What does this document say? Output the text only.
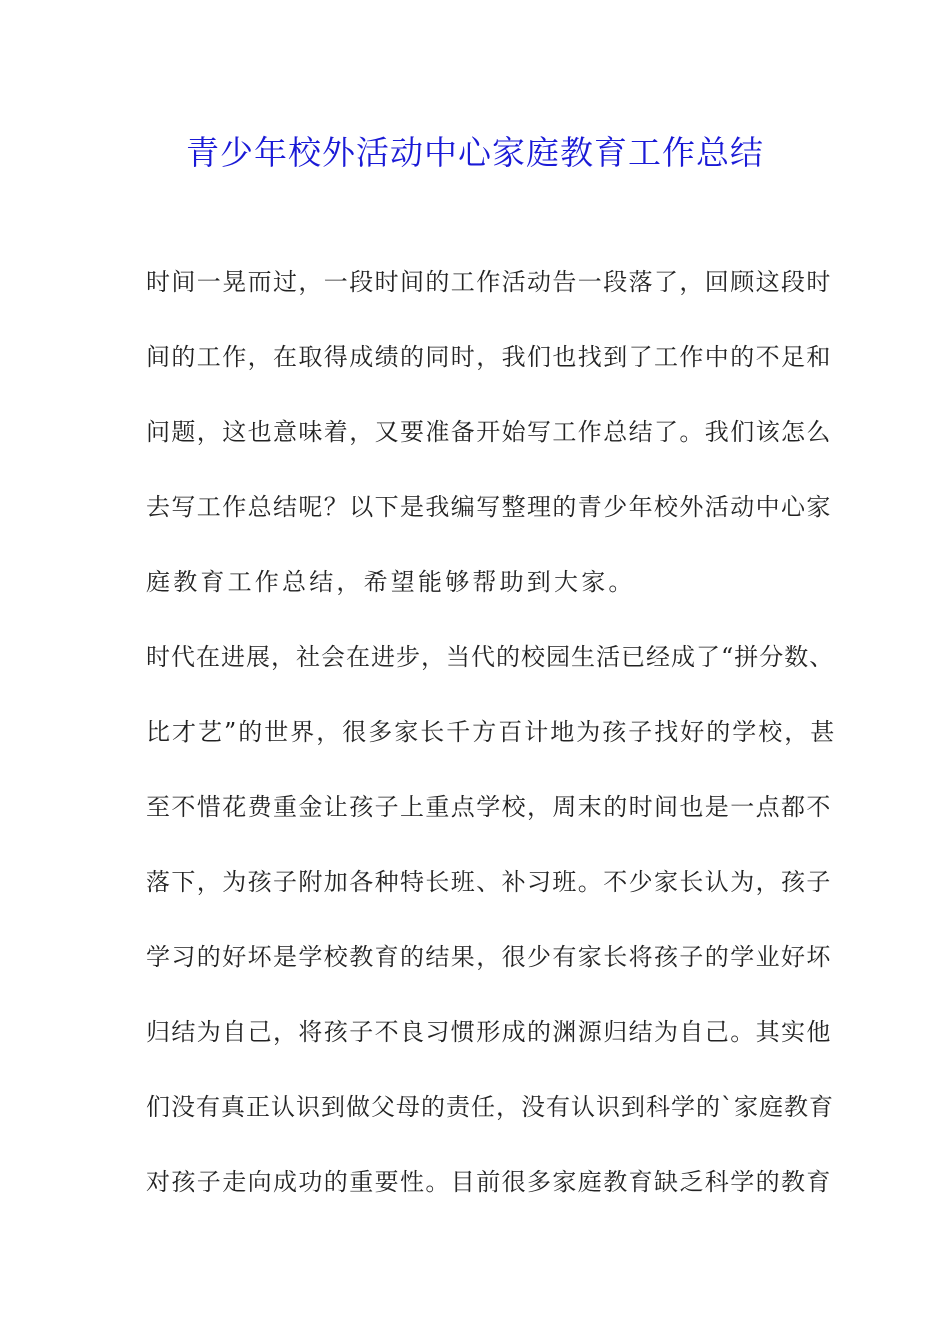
青少年校外活动中心家庭教育工作总结
时间一晃而过，一段时间的工作活动告一段落了，回顾这段时
间的工作，在取得成绩的同时，我们也找到了工作中的不足和
问题，这也意味着，又要准备开始写工作总结了。我们该怎么
去写工作总结呢？以下是我编写整理的青少年校外活动中心家
庭教育工作总结，希望能够帮助到大家。
时代在进展，社会在进步，当代的校园生活已经成了“拼分数、
比才艺”的世界，很多家长千方百计地为孩子找好的学校，甚
至不惜花费重金让孩子上重点学校，周末的时间也是一点都不
落下，为孩子附加各种特长班、补习班。不少家长认为，孩子
学习的好坏是学校教育的结果，很少有家长将孩子的学业好坏
归结为自己，将孩子不良习惯形成的渊源归结为自己。其实他
们没有真正认识到做父母的责任，没有认识到科学的`家庭教育
对孩子走向成功的重要性。目前很多家庭教育缺乏科学的教育
